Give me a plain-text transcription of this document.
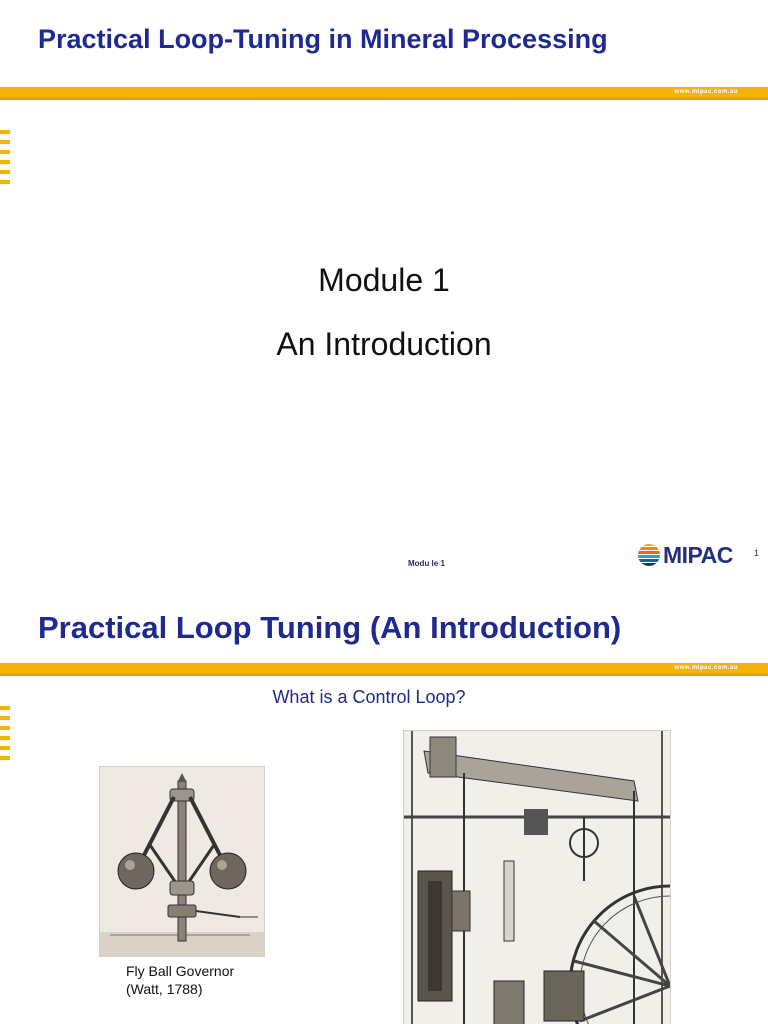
Practical Loop-Tuning in Mineral Processing
www.mipac.com.au
Module 1
An Introduction
Modu le 1	MIPAC 1
Practical Loop Tuning (An Introduction)
www.mipac.com.au

What is a Control Loop?

Fly Ball Governor
(Watt, 1788)
